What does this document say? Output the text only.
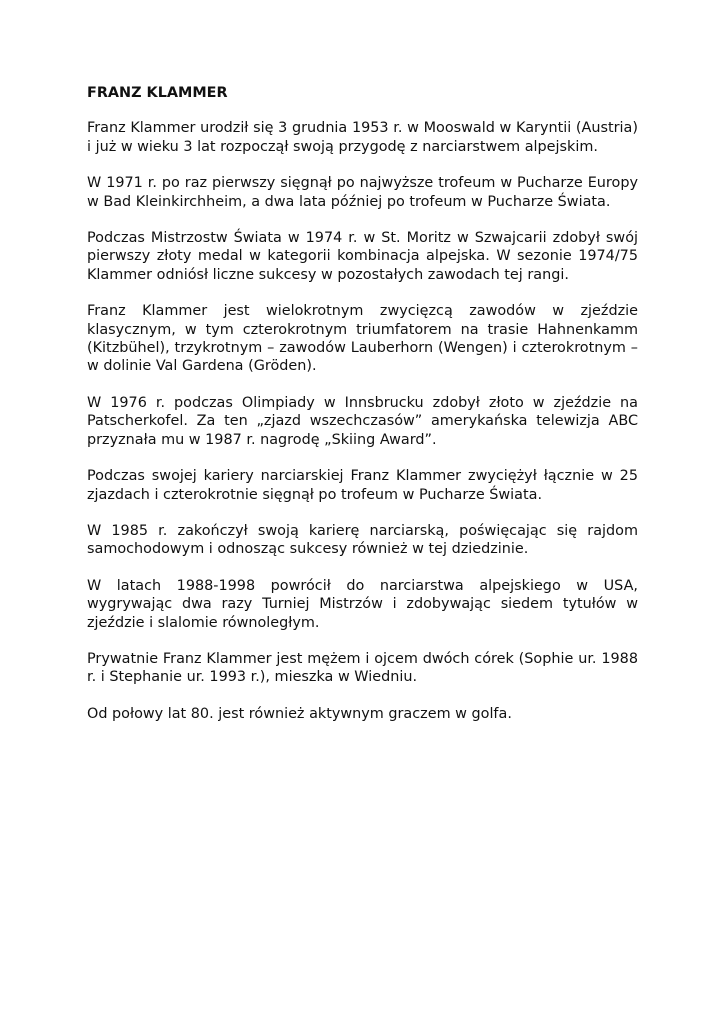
FRANZ KLAMMER

Franz Klammer urodził się 3 grudnia 1953 r. w Mooswald w Karyntii (Austria) i już w wieku 3 lat rozpoczął swoją przygodę z narciarstwem alpejskim.

W 1971 r. po raz pierwszy sięgnął po najwyższe trofeum w Pucharze Europy w Bad Kleinkirchheim, a dwa lata później po trofeum w Pucharze Świata.

Podczas Mistrzostw Świata w 1974 r. w St. Moritz w Szwajcarii zdobył swój pierwszy złoty medal w kategorii kombinacja alpejska. W sezonie 1974/75 Klammer odniósł liczne sukcesy w pozostałych zawodach tej rangi.

Franz Klammer jest wielokrotnym zwycięzcą zawodów w zjeździe klasycznym, w tym czterokrotnym triumfatorem na trasie Hahnenkamm (Kitzbühel), trzykrotnym – zawodów Lauberhorn (Wengen) i czterokrotnym – w dolinie Val Gardena (Gröden).

W 1976 r. podczas Olimpiady w Innsbrucku zdobył złoto w zjeździe na Patscherkofel. Za ten „zjazd wszechczasów” amerykańska telewizja ABC przyznała mu w 1987 r. nagrodę „Skiing Award”.

Podczas swojej kariery narciarskiej Franz Klammer zwyciężył łącznie w 25 zjazdach i czterokrotnie sięgnął po trofeum w Pucharze Świata.

W 1985 r. zakończył swoją karierę narciarską, poświęcając się rajdom samochodowym i odnosząc sukcesy również w tej dziedzinie.

W latach 1988-1998 powrócił do narciarstwa alpejskiego w USA, wygrywając dwa razy Turniej Mistrzów i zdobywając siedem tytułów w zjeździe i slalomie równoległym.

Prywatnie Franz Klammer jest mężem i ojcem dwóch córek (Sophie ur. 1988 r. i Stephanie ur. 1993 r.), mieszka w Wiedniu.

Od połowy lat 80. jest również aktywnym graczem w golfa.
